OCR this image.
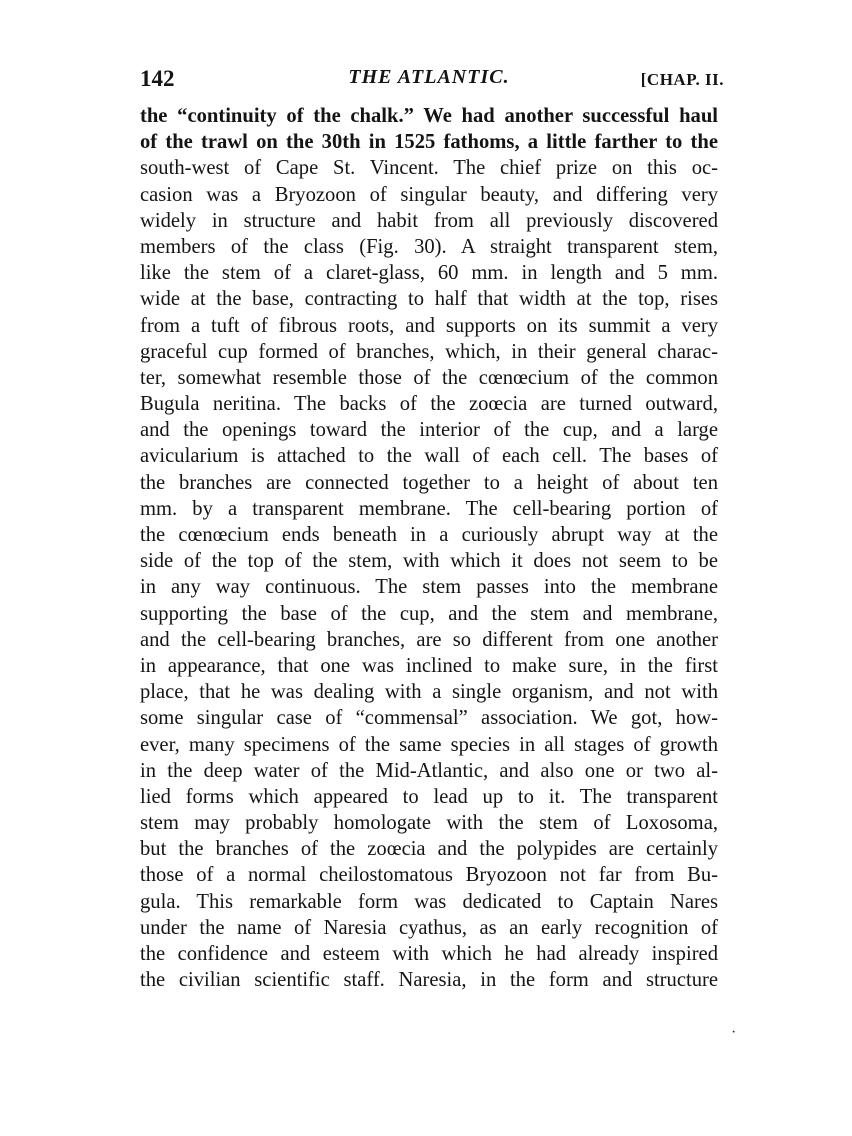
142	THE ATLANTIC.	[CHAP. II.
the “continuity of the chalk.” We had another successful haul
of the trawl on the 30th in 1525 fathoms, a little farther to the
south-west of Cape St. Vincent. The chief prize on this oc-
casion was a Bryozoon of singular beauty, and differing very
widely in structure and habit from all previously discovered
members of the class (Fig. 30). A straight transparent stem,
like the stem of a claret-glass, 60 mm. in length and 5 mm.
wide at the base, contracting to half that width at the top, rises
from a tuft of fibrous roots, and supports on its summit a very
graceful cup formed of branches, which, in their general charac-
ter, somewhat resemble those of the cœnœcium of the common
Bugula neritina. The backs of the zoœcia are turned outward,
and the openings toward the interior of the cup, and a large
avicularium is attached to the wall of each cell. The bases of
the branches are connected together to a height of about ten
mm. by a transparent membrane. The cell-bearing portion of
the cœnœcium ends beneath in a curiously abrupt way at the
side of the top of the stem, with which it does not seem to be
in any way continuous. The stem passes into the membrane
supporting the base of the cup, and the stem and membrane,
and the cell-bearing branches, are so different from one another
in appearance, that one was inclined to make sure, in the first
place, that he was dealing with a single organism, and not with
some singular case of “commensal” association. We got, how-
ever, many specimens of the same species in all stages of growth
in the deep water of the Mid-Atlantic, and also one or two al-
lied forms which appeared to lead up to it. The transparent
stem may probably homologate with the stem of Loxosoma,
but the branches of the zoœcia and the polypides are certainly
those of a normal cheilostomatous Bryozoon not far from Bu-
gula. This remarkable form was dedicated to Captain Nares
under the name of Naresia cyathus, as an early recognition of
the confidence and esteem with which he had already inspired
the civilian scientific staff. Naresia, in the form and structure
·
